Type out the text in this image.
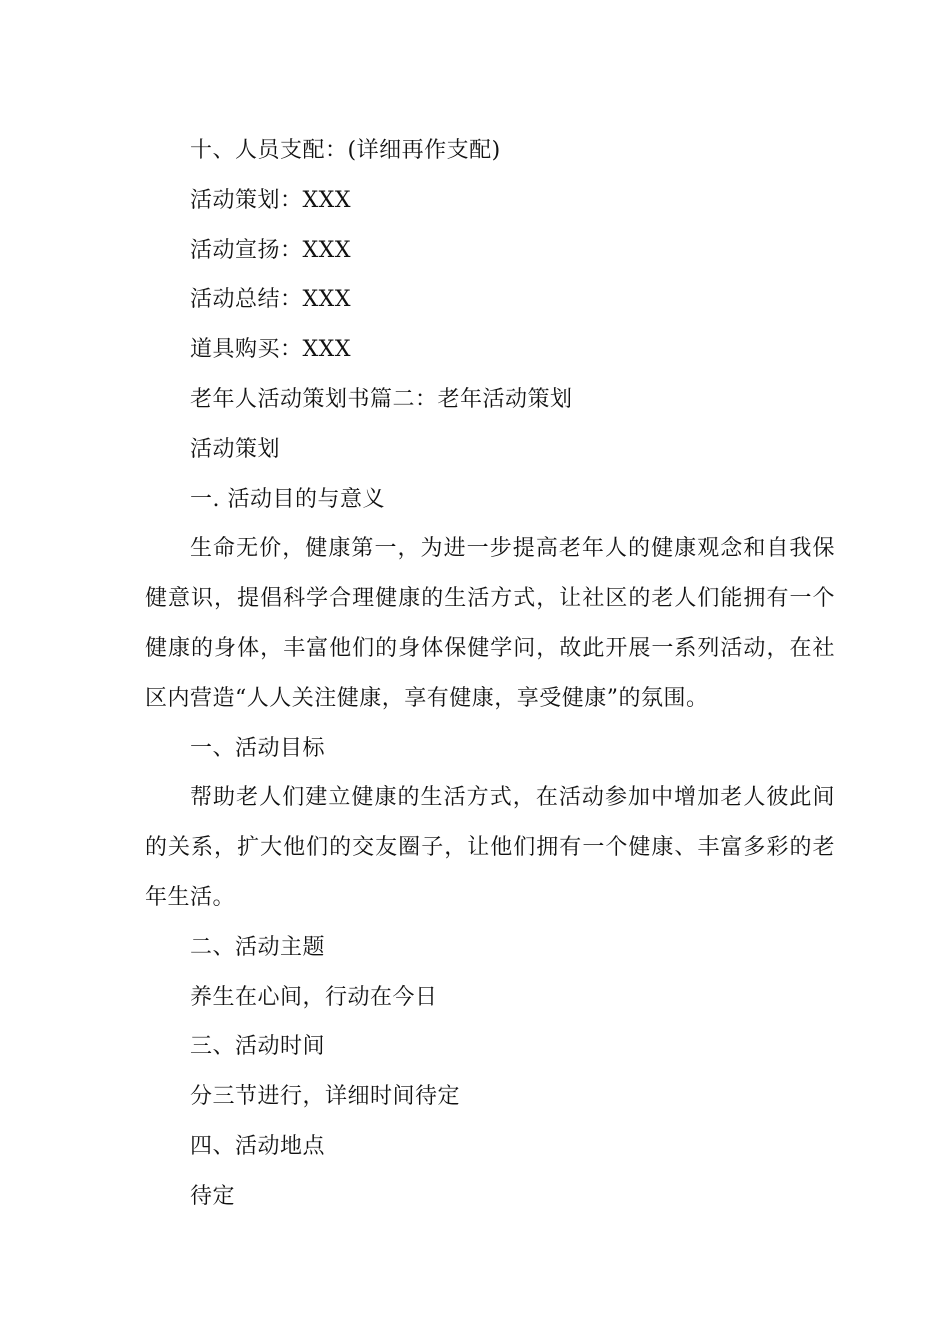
十、人员支配：(详细再作支配)
活动策划：XXX
活动宣扬：XXX
活动总结：XXX
道具购买：XXX
老年人活动策划书篇二：老年活动策划
活动策划
一. 活动目的与意义

生命无价，健康第一，为进一步提高老年人的健康观念和自我保健意识，提倡科学合理健康的生活方式，让社区的老人们能拥有一个健康的身体，丰富他们的身体保健学问，故此开展一系列活动，在社区内营造“人人关注健康，享有健康，享受健康”的氛围。

一、活动目标

帮助老人们建立健康的生活方式，在活动参加中增加老人彼此间的关系，扩大他们的交友圈子，让他们拥有一个健康、丰富多彩的老年生活。

二、活动主题
养生在心间，行动在今日
三、活动时间
分三节进行，详细时间待定
四、活动地点
待定
